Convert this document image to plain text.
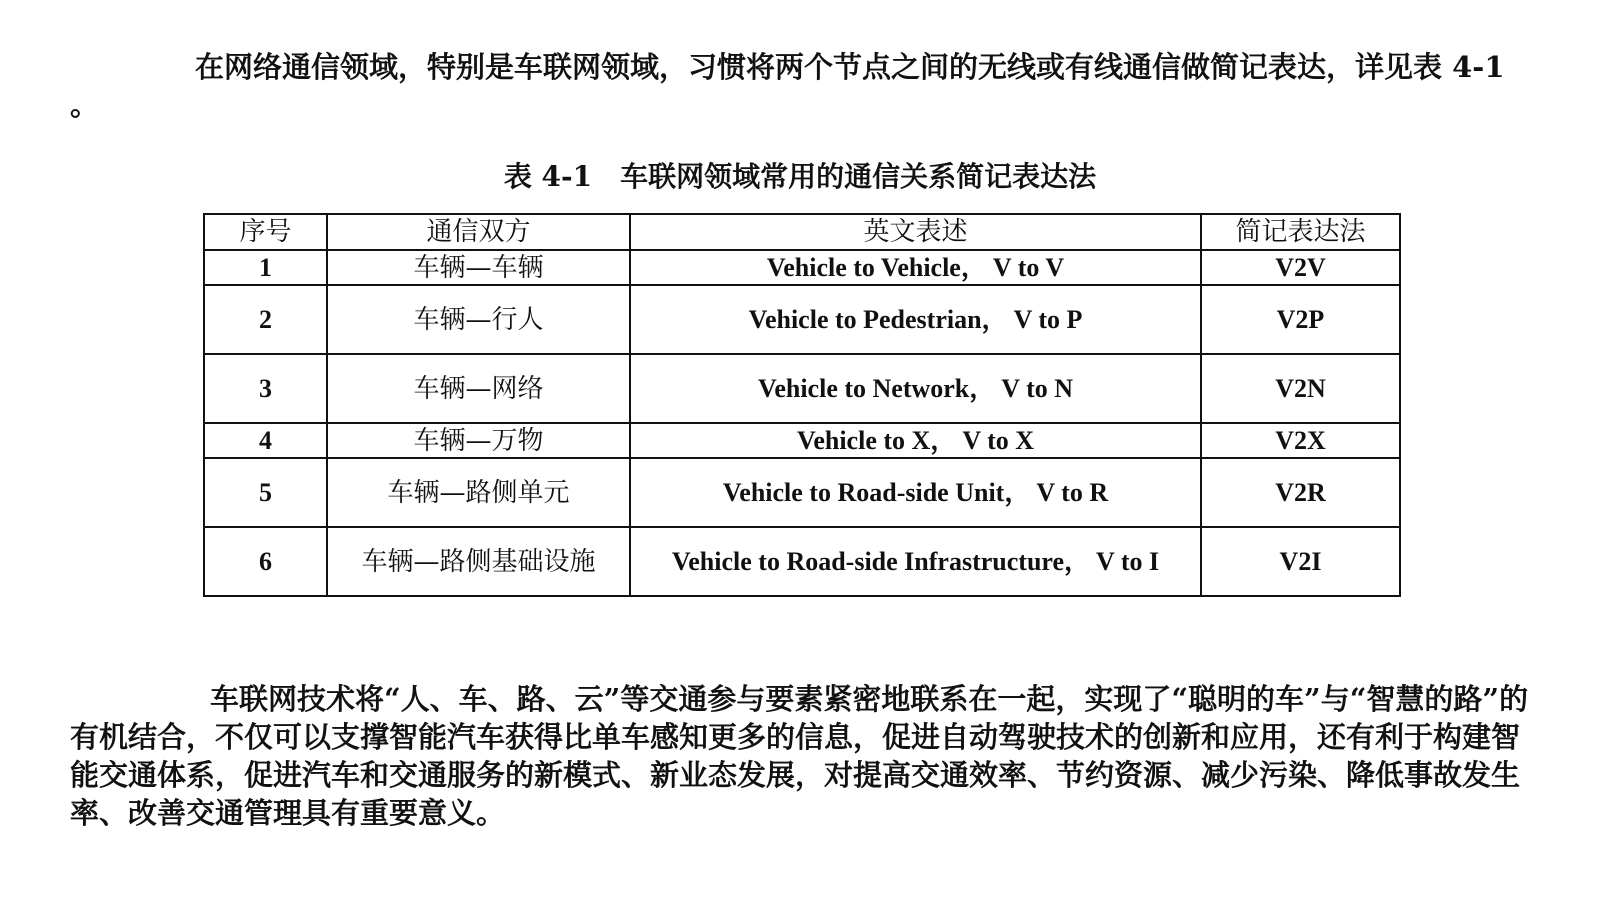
在网络通信领域，特别是车联网领域，习惯将两个节点之间的无线或有线通信做简记表达，详见表 4-1 。

表 4-1 车联网领域常用的通信关系简记表达法
序号	通信双方	英文表述	简记表达法
1	车辆—车辆	Vehicle to Vehicle， V to V	V2V
2	车辆—行人	Vehicle to Pedestrian， V to P	V2P
3	车辆—网络	Vehicle to Network， V to N	V2N
4	车辆—万物	Vehicle to X， V to X	V2X
5	车辆—路侧单元	Vehicle to Road-side Unit， V to R	V2R
6	车辆—路侧基础设施	Vehicle to Road-side Infrastructure， V to I	V2I

车联网技术将“人、车、路、云”等交通参与要素紧密地联系在一起，实现了“聪明的车”与“智慧的路”的有机结合，不仅可以支撑智能汽车获得比单车感知更多的信息，促进自动驾驶技术的创新和应用，还有利于构建智能交通体系，促进汽车和交通服务的新模式、新业态发展，对提高交通效率、节约资源、减少污染、降低事故发生率、改善交通管理具有重要意义。
